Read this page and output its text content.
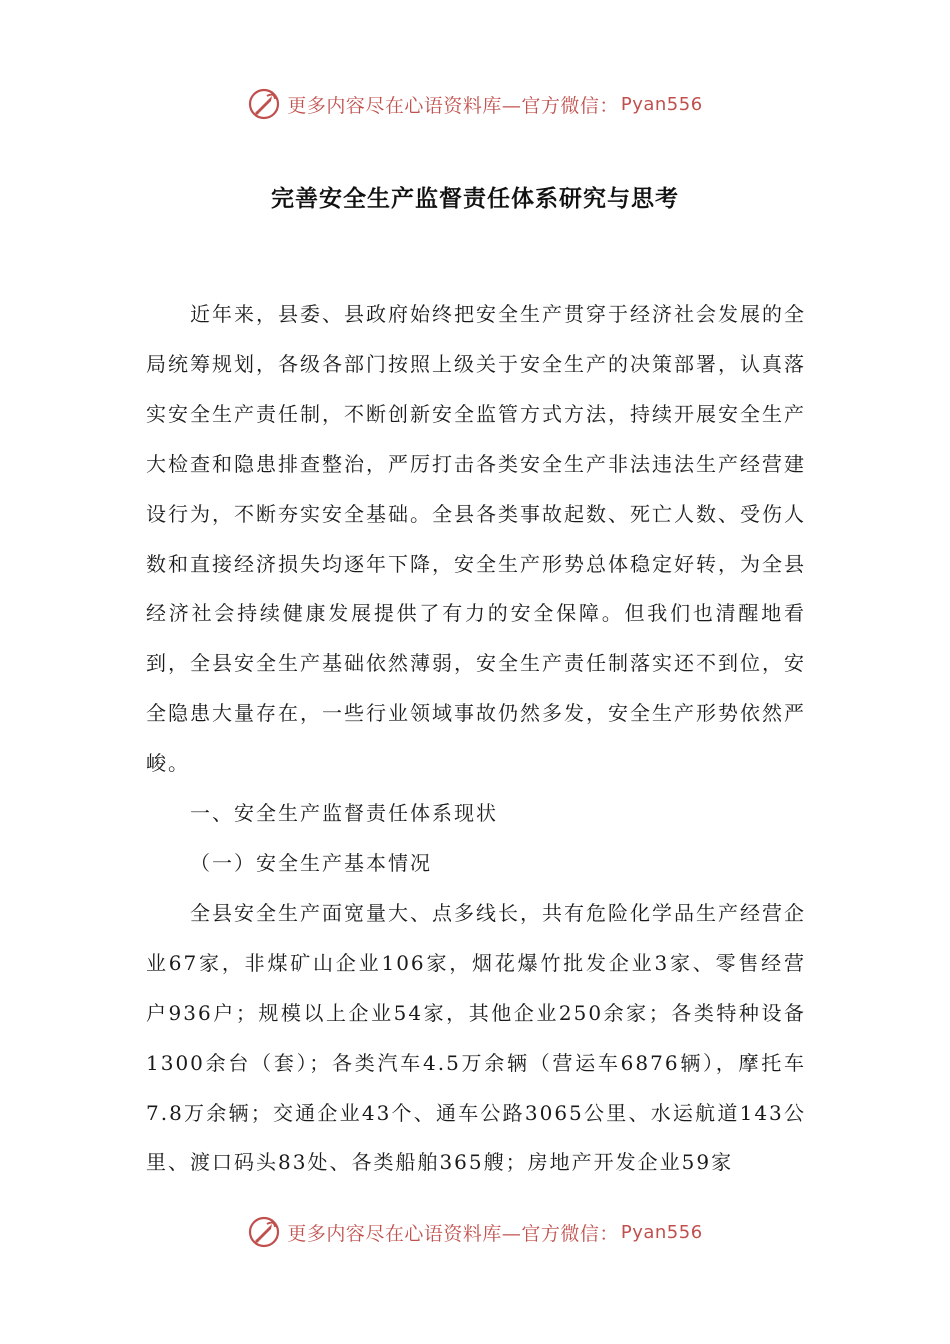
更多内容尽在心语资料库—官方微信： Pyan556
完善安全生产监督责任体系研究与思考

近年来，县委、县政府始终把安全生产贯穿于经济社会发展的全局统筹规划，各级各部门按照上级关于安全生产的决策部署，认真落实安全生产责任制，不断创新安全监管方式方法，持续开展安全生产大检查和隐患排查整治，严厉打击各类安全生产非法违法生产经营建设行为，不断夯实安全基础。全县各类事故起数、死亡人数、受伤人数和直接经济损失均逐年下降，安全生产形势总体稳定好转，为全县经济社会持续健康发展提供了有力的安全保障。但我们也清醒地看到，全县安全生产基础依然薄弱，安全生产责任制落实还不到位，安全隐患大量存在，一些行业领域事故仍然多发，安全生产形势依然严峻。

一、安全生产监督责任体系现状

（一）安全生产基本情况

全县安全生产面宽量大、点多线长，共有危险化学品生产经营企业67家，非煤矿山企业106家，烟花爆竹批发企业3家、零售经营户936户；规模以上企业54家，其他企业250余家；各类特种设备1300余台（套）；各类汽车4.5万余辆（营运车6876辆），摩托车7.8万余辆；交通企业43个、通车公路3065公里、水运航道143公里、渡口码头83处、各类船舶365艘；房地产开发企业59家

更多内容尽在心语资料库—官方微信： Pyan556
